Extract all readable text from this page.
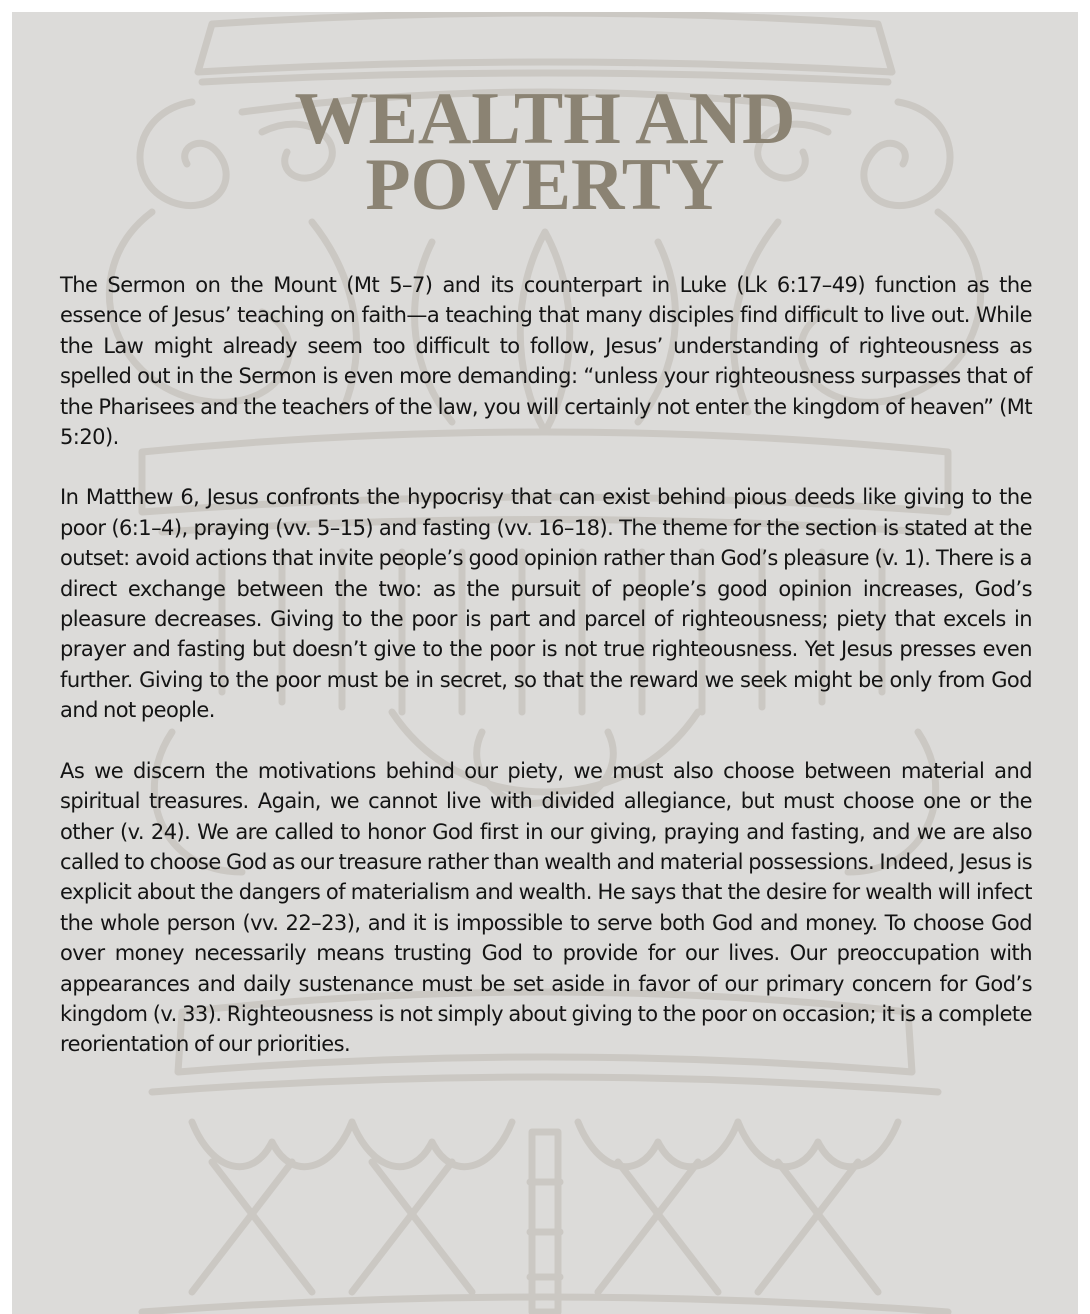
WEALTH AND
POVERTY

The Sermon on the Mount (Mt 5–7) and its counterpart in Luke (Lk 6:17–49) function as the essence of Jesus’ teaching on faith—a teaching that many disciples find difficult to live out. While the Law might already seem too difficult to follow, Jesus’ understanding of righteousness as spelled out in the Sermon is even more demanding: “unless your righteousness surpasses that of the Pharisees and the teachers of the law, you will certainly not enter the kingdom of heaven” (Mt 5:20).

In Matthew 6, Jesus confronts the hypocrisy that can exist behind pious deeds like giving to the poor (6:1–4), praying (vv. 5–15) and fasting (vv. 16–18). The theme for the section is stated at the outset: avoid actions that invite people’s good opinion rather than God’s pleasure (v. 1). There is a direct exchange between the two: as the pursuit of people’s good opinion increases, God’s pleasure decreases. Giving to the poor is part and parcel of righteousness; piety that excels in prayer and fasting but doesn’t give to the poor is not true righteousness. Yet Jesus presses even further. Giving to the poor must be in secret, so that the reward we seek might be only from God and not people.

As we discern the motivations behind our piety, we must also choose between material and spiritual treasures. Again, we cannot live with divided allegiance, but must choose one or the other (v. 24). We are called to honor God first in our giving, praying and fasting, and we are also called to choose God as our treasure rather than wealth and material possessions. Indeed, Jesus is explicit about the dangers of materialism and wealth. He says that the desire for wealth will infect the whole person (vv. 22–23), and it is impossible to serve both God and money. To choose God over money necessarily means trusting God to provide for our lives. Our preoccupation with appearances and daily sustenance must be set aside in favor of our primary concern for God’s kingdom (v. 33). Righteousness is not simply about giving to the poor on occasion; it is a complete reorientation of our priorities.
